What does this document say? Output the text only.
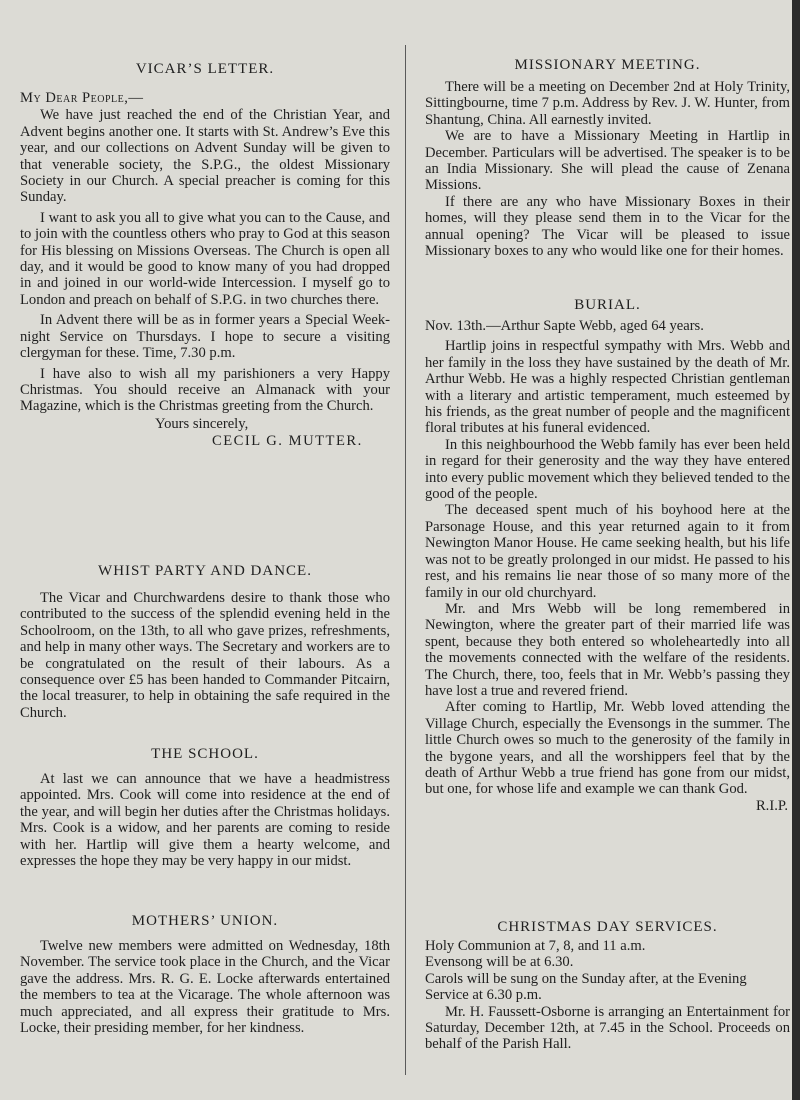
VICAR’S LETTER.

My Dear People,—

We have just reached the end of the Christian Year, and Advent begins another one. It starts with St. Andrew’s Eve this year, and our collections on Advent Sunday will be given to that venerable society, the S.P.G., the oldest Missionary Society in our Church. A special preacher is coming for this Sunday.

I want to ask you all to give what you can to the Cause, and to join with the countless others who pray to God at this season for His blessing on Missions Overseas. The Church is open all day, and it would be good to know many of you had dropped in and joined in our world-wide Intercession. I myself go to London and preach on behalf of S.P.G. in two churches there.

In Advent there will be as in former years a Special Week-night Service on Thursdays. I hope to secure a visiting clergyman for these. Time, 7.30 p.m.

I have also to wish all my parishioners a very Happy Christmas. You should receive an Almanack with your Magazine, which is the Christmas greeting from the Church.

Yours sincerely,

CECIL G. MUTTER.

WHIST PARTY AND DANCE.

The Vicar and Churchwardens desire to thank those who contributed to the success of the splendid evening held in the Schoolroom, on the 13th, to all who gave prizes, refreshments, and help in many other ways. The Secretary and workers are to be congratulated on the result of their labours. As a consequence over £5 has been handed to Commander Pitcairn, the local treasurer, to help in obtaining the safe required in the Church.

THE SCHOOL.

At last we can announce that we have a headmistress appointed. Mrs. Cook will come into residence at the end of the year, and will begin her duties after the Christmas holidays. Mrs. Cook is a widow, and her parents are coming to reside with her. Hartlip will give them a hearty welcome, and expresses the hope they may be very happy in our midst.

MOTHERS’ UNION.

Twelve new members were admitted on Wednesday, 18th November. The service took place in the Church, and the Vicar gave the address. Mrs. R. G. E. Locke afterwards entertained the members to tea at the Vicarage. The whole afternoon was much appreciated, and all express their gratitude to Mrs. Locke, their presiding member, for her kindness.

MISSIONARY MEETING.

There will be a meeting on December 2nd at Holy Trinity, Sittingbourne, time 7 p.m. Address by Rev. J. W. Hunter, from Shantung, China. All earnestly invited.

We are to have a Missionary Meeting in Hartlip in December. Particulars will be advertised. The speaker is to be an India Missionary. She will plead the cause of Zenana Missions.

If there are any who have Missionary Boxes in their homes, will they please send them in to the Vicar for the annual opening? The Vicar will be pleased to issue Missionary boxes to any who would like one for their homes.

BURIAL.

Nov. 13th.—Arthur Sapte Webb, aged 64 years.

Hartlip joins in respectful sympathy with Mrs. Webb and her family in the loss they have sustained by the death of Mr. Arthur Webb. He was a highly respected Christian gentleman with a literary and artistic temperament, much esteemed by his friends, as the great number of people and the magnificent floral tributes at his funeral evidenced.

In this neighbourhood the Webb family has ever been held in regard for their generosity and the way they have entered into every public movement which they believed tended to the good of the people.

The deceased spent much of his boyhood here at the Parsonage House, and this year returned again to it from Newington Manor House. He came seeking health, but his life was not to be greatly prolonged in our midst. He passed to his rest, and his remains lie near those of so many more of the family in our old churchyard.

Mr. and Mrs Webb will be long remembered in Newington, where the greater part of their married life was spent, because they both entered so wholeheartedly into all the movements connected with the welfare of the residents. The Church, there, too, feels that in Mr. Webb’s passing they have lost a true and revered friend.

After coming to Hartlip, Mr. Webb loved attending the Village Church, especially the Evensongs in the summer. The little Church owes so much to the generosity of the family in the bygone years, and all the worshippers feel that by the death of Arthur Webb a true friend has gone from our midst, but one, for whose life and example we can thank God.
R.I.P.

CHRISTMAS DAY SERVICES.

Holy Communion at 7, 8, and 11 a.m.

Evensong will be at 6.30.

Carols will be sung on the Sunday after, at the Evening Service at 6.30 p.m.

Mr. H. Faussett-Osborne is arranging an Entertainment for Saturday, December 12th, at 7.45 in the School. Proceeds on behalf of the Parish Hall.
